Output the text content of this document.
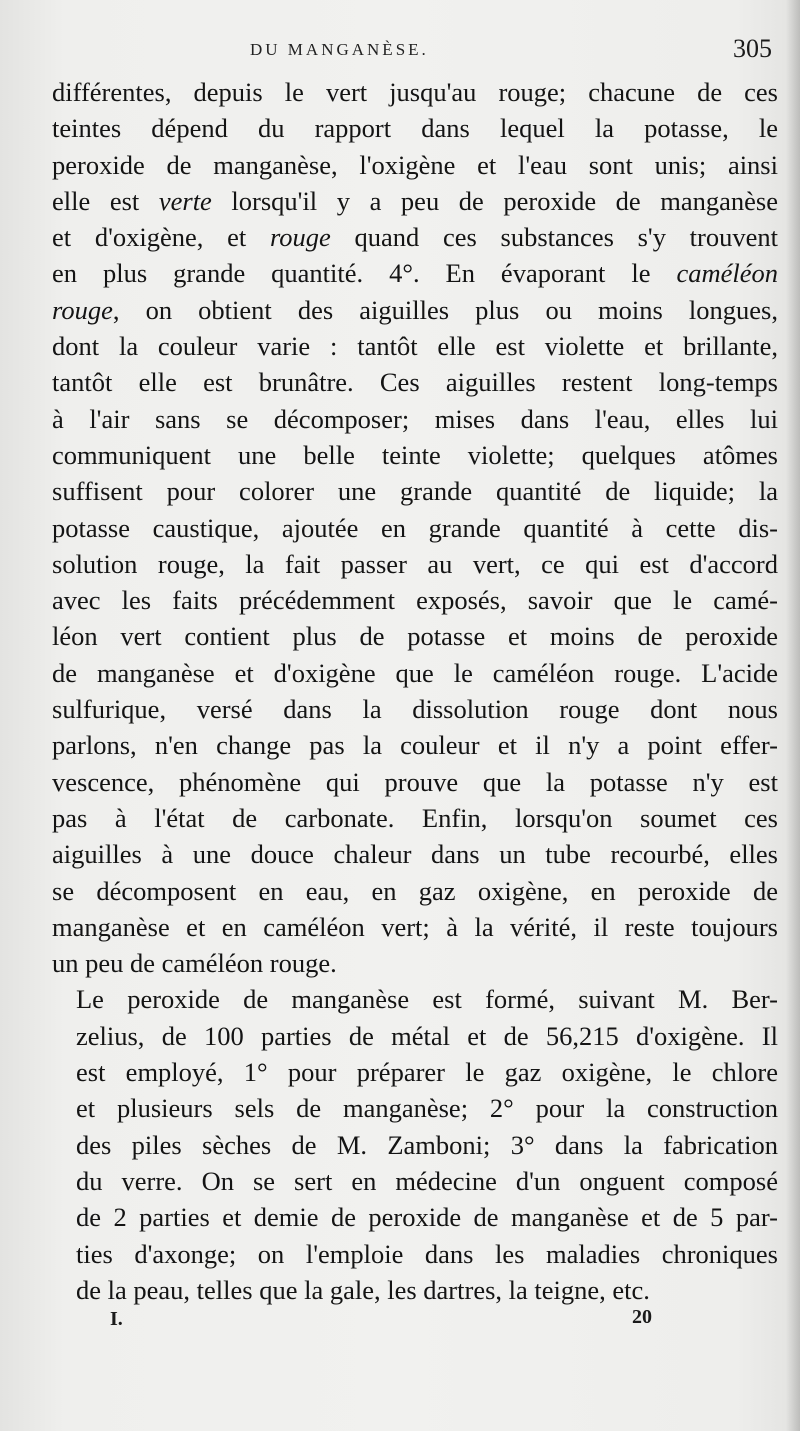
DU MANGANÈSE.	305

différentes, depuis le vert jusqu'au rouge; chacune de ces
teintes dépend du rapport dans lequel la potasse, le
peroxide de manganèse, l'oxigène et l'eau sont unis; ainsi
elle est verte lorsqu'il y a peu de peroxide de manganèse
et d'oxigène, et rouge quand ces substances s'y trouvent
en plus grande quantité. 4°. En évaporant le caméléon
rouge, on obtient des aiguilles plus ou moins longues,
dont la couleur varie : tantôt elle est violette et brillante,
tantôt elle est brunâtre. Ces aiguilles restent long-temps
à l'air sans se décomposer; mises dans l'eau, elles lui
communiquent une belle teinte violette; quelques atômes
suffisent pour colorer une grande quantité de liquide; la
potasse caustique, ajoutée en grande quantité à cette dis-
solution rouge, la fait passer au vert, ce qui est d'accord
avec les faits précédemment exposés, savoir que le camé-
léon vert contient plus de potasse et moins de peroxide
de manganèse et d'oxigène que le caméléon rouge. L'acide
sulfurique, versé dans la dissolution rouge dont nous
parlons, n'en change pas la couleur et il n'y a point effer-
vescence, phénomène qui prouve que la potasse n'y est
pas à l'état de carbonate. Enfin, lorsqu'on soumet ces
aiguilles à une douce chaleur dans un tube recourbé, elles
se décomposent en eau, en gaz oxigène, en peroxide de
manganèse et en caméléon vert; à la vérité, il reste toujours
un peu de caméléon rouge.

Le peroxide de manganèse est formé, suivant M. Ber-
zelius, de 100 parties de métal et de 56,215 d'oxigène. Il
est employé, 1° pour préparer le gaz oxigène, le chlore
et plusieurs sels de manganèse; 2° pour la construction
des piles sèches de M. Zamboni; 3° dans la fabrication
du verre. On se sert en médecine d'un onguent composé
de 2 parties et demie de peroxide de manganèse et de 5 par-
ties d'axonge; on l'emploie dans les maladies chroniques
de la peau, telles que la gale, les dartres, la teigne, etc.

I.	20
